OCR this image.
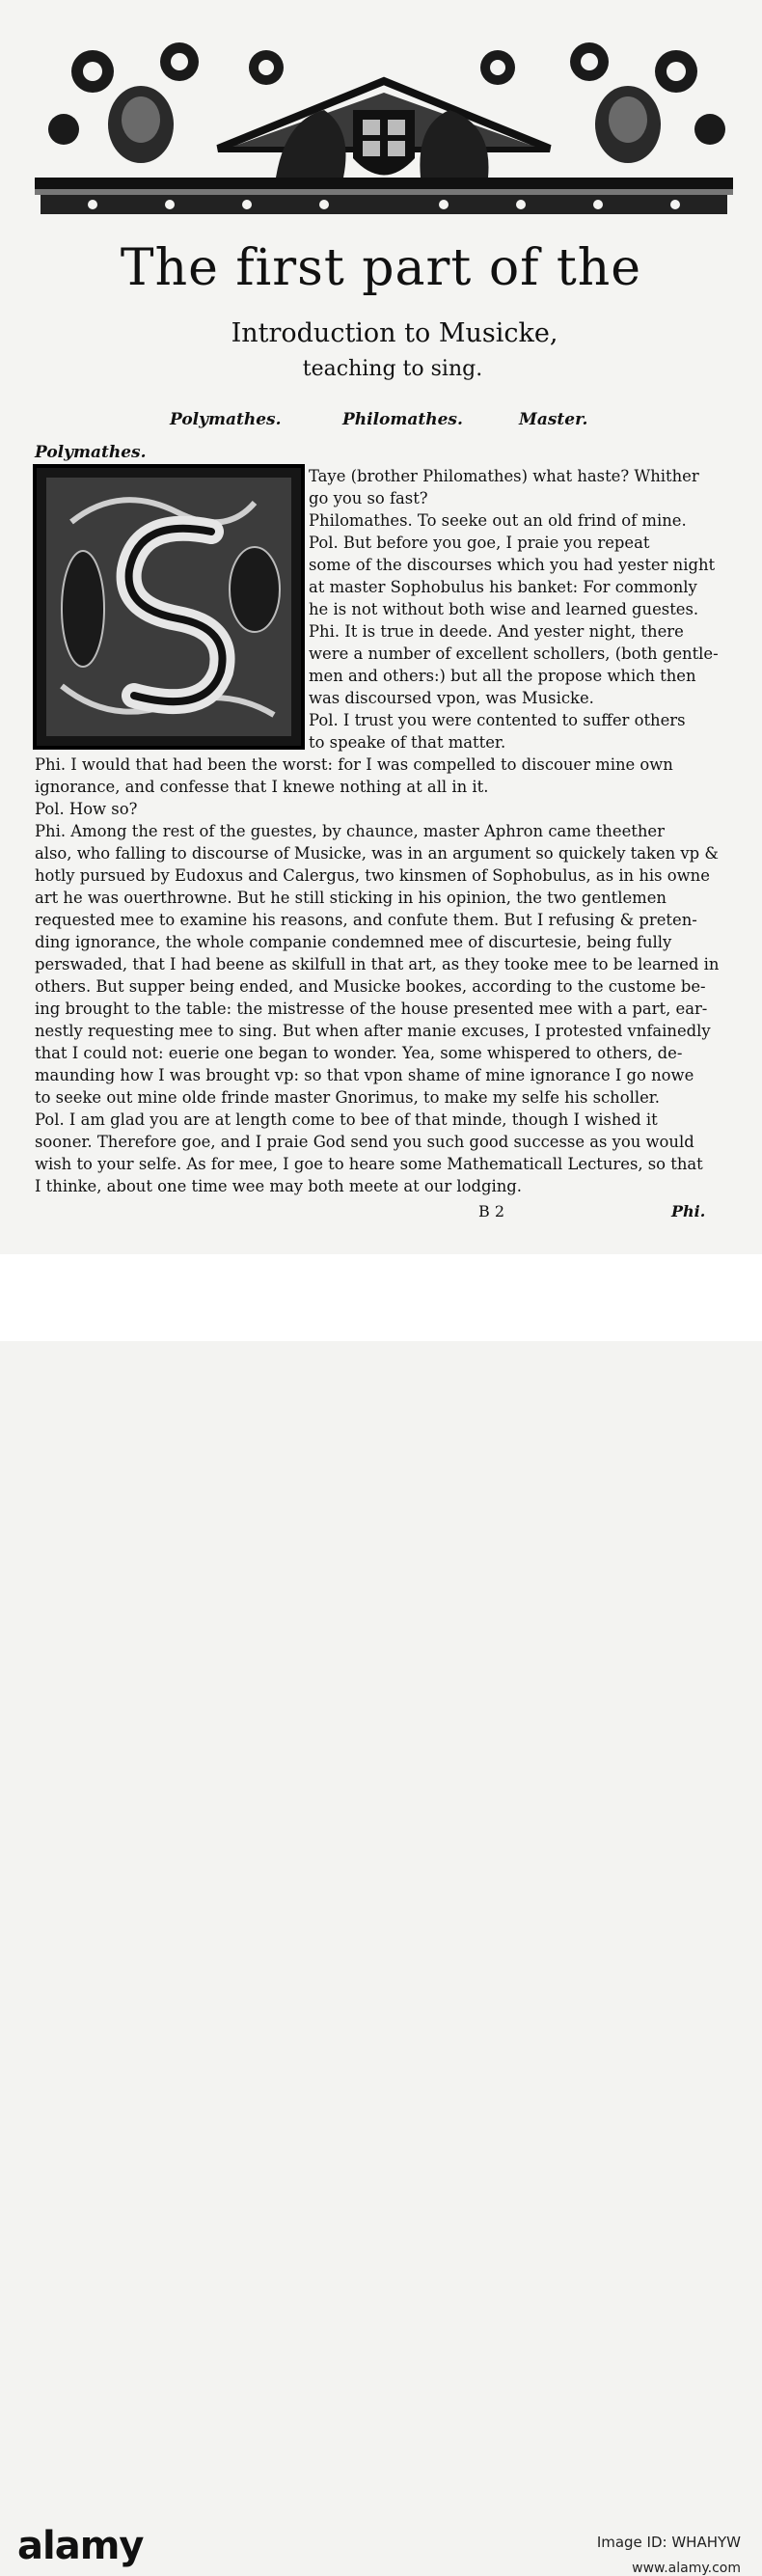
The first part of the
Introduction to Musicke,
teaching to sing.
Polymathes.	Philomathes.	Master.
Polymathes.
Taye (brother Philomathes) what haste? Whither
go you so fast?
Philomathes. To seeke out an old frind of mine.
Pol. But before you goe, I praie you repeat
some of the discourses which you had yester night
at master Sophobulus his banket: For commonly
he is not without both wise and learned guestes.
Phi. It is true in deede. And yester night, there
were a number of excellent schollers, (both gentle-
men and others:) but all the propose which then
was discoursed vpon, was Musicke.
Pol. I trust you were contented to suffer others
to speake of that matter.
Phi. I would that had been the worst: for I was compelled to discouer mine own
ignorance, and confesse that I knewe nothing at all in it.
Pol. How so?
Phi. Among the rest of the guestes, by chaunce, master Aphron came theether
also, who falling to discourse of Musicke, was in an argument so quickely taken vp &
hotly pursued by Eudoxus and Calergus, two kinsmen of Sophobulus, as in his owne
art he was ouerthrowne. But he still sticking in his opinion, the two gentlemen
requested mee to examine his reasons, and confute them. But I refusing & preten-
ding ignorance, the whole companie condemned mee of discurtesie, being fully
perswaded, that I had beene as skilfull in that art, as they tooke mee to be learned in
others. But supper being ended, and Musicke bookes, according to the custome be-
ing brought to the table: the mistresse of the house presented mee with a part, ear-
nestly requesting mee to sing. But when after manie excuses, I protested vnfainedly
that I could not: euerie one began to wonder. Yea, some whispered to others, de-
maunding how I was brought vp: so that vpon shame of mine ignorance I go nowe
to seeke out mine olde frinde master Gnorimus, to make my selfe his scholler.
Pol. I am glad you are at length come to bee of that minde, though I wished it
sooner. Therefore goe, and I praie God send you such good successe as you would
wish to your selfe. As for mee, I goe to heare some Mathematicall Lectures, so that
I thinke, about one time wee may both meete at our lodging.
B 2	Phi.
alamy	Image ID: WHAHYW
www.alamy.com
